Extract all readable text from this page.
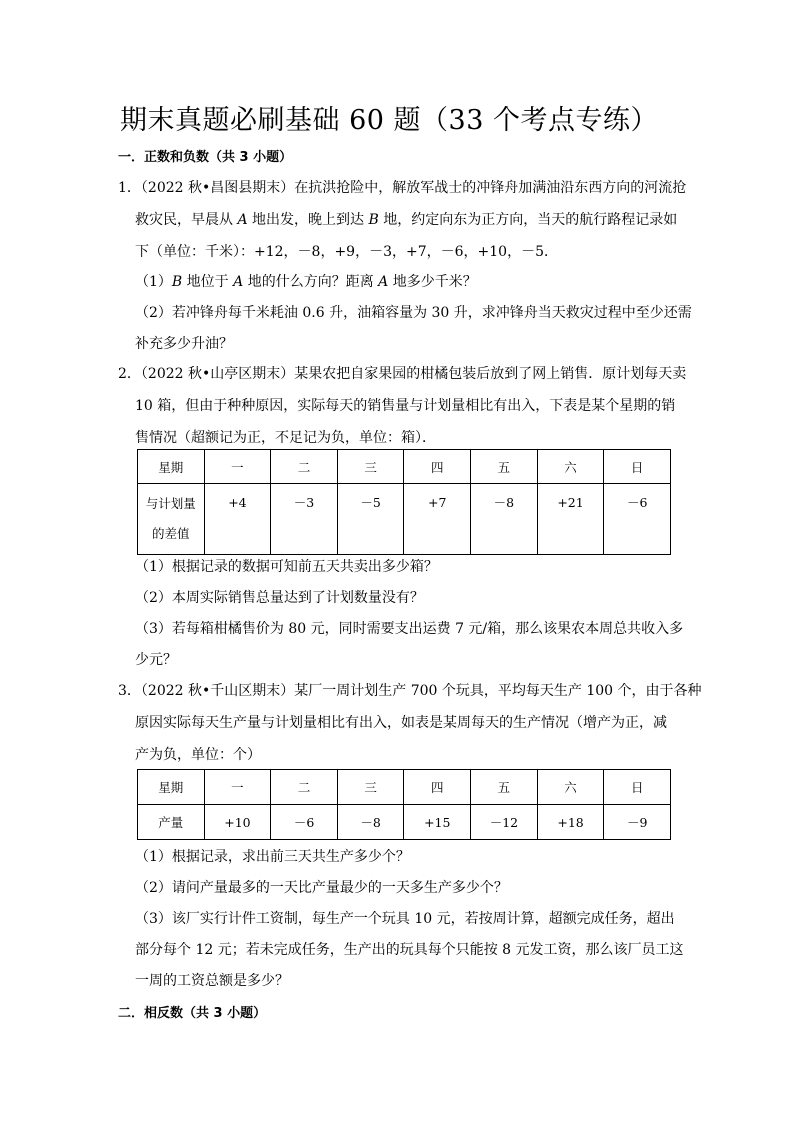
期末真题必刷基础 60 题（33 个考点专练）
一．正数和负数（共 3 小题）
1．（2022 秋•昌图县期末）在抗洪抢险中，解放军战士的冲锋舟加满油沿东西方向的河流抢
救灾民，早晨从 A 地出发，晚上到达 B 地，约定向东为正方向，当天的航行路程记录如
下（单位：千米）：+12，－8，+9，－3，+7，－6，+10，－5．
（1）B 地位于 A 地的什么方向？距离 A 地多少千米？
（2）若冲锋舟每千米耗油 0.6 升，油箱容量为 30 升，求冲锋舟当天救灾过程中至少还需
补充多少升油？
2．（2022 秋•山亭区期末）某果农把自家果园的柑橘包装后放到了网上销售．原计划每天卖
10 箱，但由于种种原因，实际每天的销售量与计划量相比有出入，下表是某个星期的销
售情况（超额记为正，不足记为负，单位：箱）．
星期	一	二	三	四	五	六	日
与计划量
的差值	+4	－3	－5	+7	－8	+21	－6
（1）根据记录的数据可知前五天共卖出多少箱？
（2）本周实际销售总量达到了计划数量没有？
（3）若每箱柑橘售价为 80 元，同时需要支出运费 7 元/箱，那么该果农本周总共收入多
少元？
3．（2022 秋•千山区期末）某厂一周计划生产 700 个玩具，平均每天生产 100 个，由于各种
原因实际每天生产量与计划量相比有出入，如表是某周每天的生产情况（增产为正，减
产为负，单位：个）
星期	一	二	三	四	五	六	日
产量	+10	－6	－8	+15	－12	+18	－9
（1）根据记录，求出前三天共生产多少个？
（2）请问产量最多的一天比产量最少的一天多生产多少个？
（3）该厂实行计件工资制，每生产一个玩具 10 元，若按周计算，超额完成任务，超出
部分每个 12 元；若未完成任务，生产出的玩具每个只能按 8 元发工资，那么该厂员工这
一周的工资总额是多少？
二．相反数（共 3 小题）
